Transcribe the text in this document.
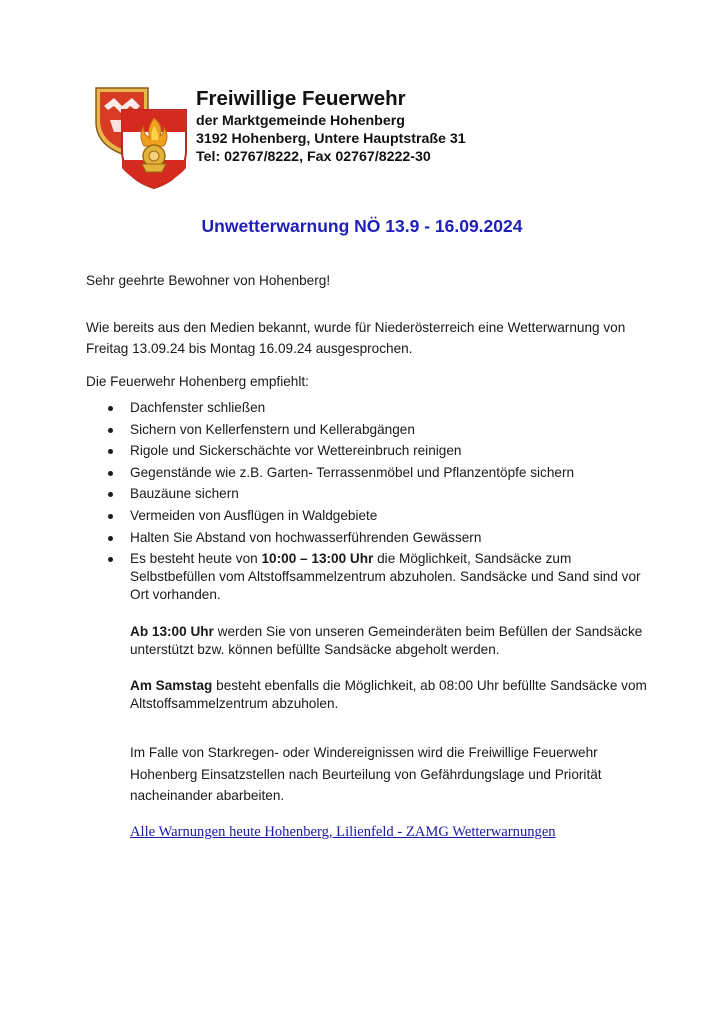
Freiwillige Feuerwehr

der Marktgemeinde Hohenberg

3192 Hohenberg, Untere Hauptstraße 31

Tel: 02767/8222, Fax 02767/8222-30

Unwetterwarnung NÖ 13.9 - 16.09.2024

Sehr geehrte Bewohner von Hohenberg!

Wie bereits aus den Medien bekannt, wurde für Niederösterreich eine Wetterwarnung von Freitag 13.09.24 bis Montag 16.09.24 ausgesprochen.

Die Feuerwehr Hohenberg empfiehlt:

Dachfenster schließen
Sichern von Kellerfenstern und Kellerabgängen
Rigole und Sickerschächte vor Wettereinbruch reinigen
Gegenstände wie z.B. Garten- Terrassenmöbel und Pflanzentöpfe sichern
Bauzäune sichern
Vermeiden von Ausflügen in Waldgebiete
Halten Sie Abstand von hochwasserführenden Gewässern
Es besteht heute von 10:00 – 13:00 Uhr die Möglichkeit, Sandsäcke zum Selbstbefüllen vom Altstoffsammelzentrum abzuholen. Sandsäcke und Sand sind vor Ort vorhanden.

Ab 13:00 Uhr werden Sie von unseren Gemeinderäten beim Befüllen der Sandsäcke unterstützt bzw. können befüllte Sandsäcke abgeholt werden.

Am Samstag besteht ebenfalls die Möglichkeit, ab 08:00 Uhr befüllte Sandsäcke vom Altstoffsammelzentrum abzuholen.

Im Falle von Starkregen- oder Windereignissen wird die Freiwillige Feuerwehr Hohenberg Einsatzstellen nach Beurteilung von Gefährdungslage und Priorität nacheinander abarbeiten.

Alle Warnungen heute Hohenberg, Lilienfeld - ZAMG Wetterwarnungen
